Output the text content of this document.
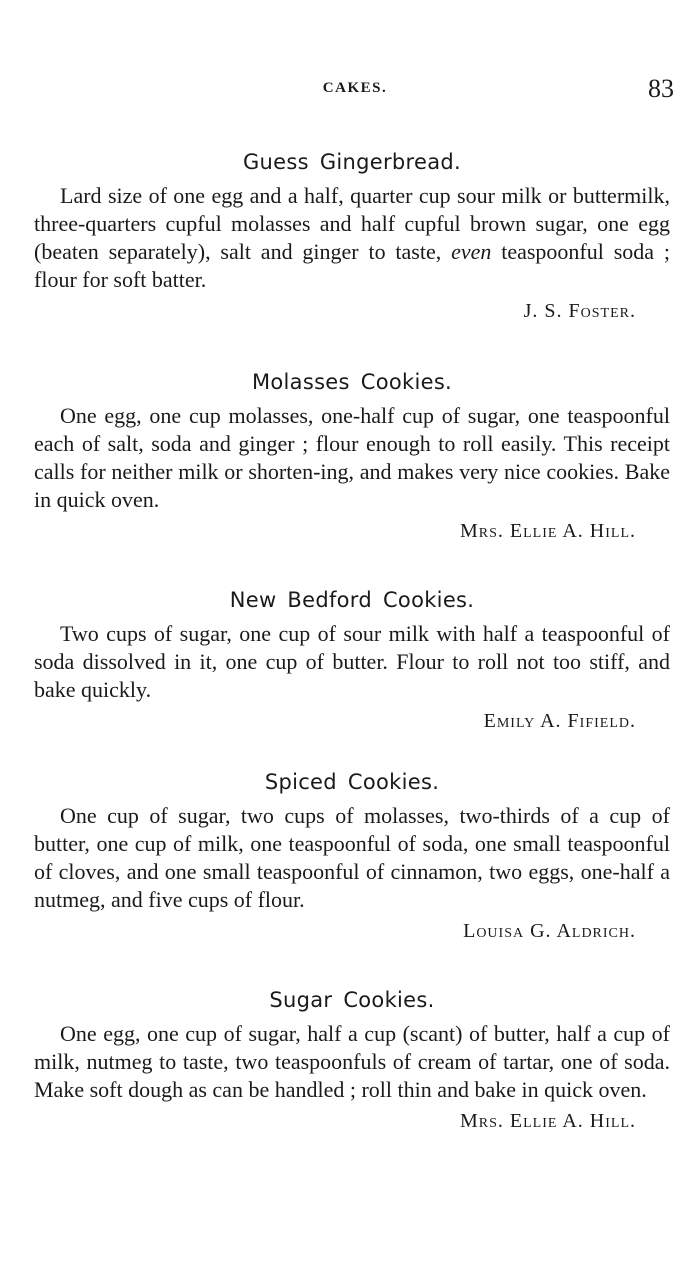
CAKES.	83
Guess Gingerbread.

Lard size of one egg and a half, quarter cup sour milk or buttermilk, three-quarters cupful molasses and half cupful brown sugar, one egg (beaten separately), salt and ginger to taste, even teaspoonful soda ; flour for soft batter.

J. S. Foster.
Molasses Cookies.

One egg, one cup molasses, one-half cup of sugar, one teaspoonful each of salt, soda and ginger ; flour enough to roll easily. This receipt calls for neither milk or shorten-ing, and makes very nice cookies. Bake in quick oven.

Mrs. Ellie A. Hill.
New Bedford Cookies.

Two cups of sugar, one cup of sour milk with half a teaspoonful of soda dissolved in it, one cup of butter. Flour to roll not too stiff, and bake quickly.

Emily A. Fifield.
Spiced Cookies.

One cup of sugar, two cups of molasses, two-thirds of a cup of butter, one cup of milk, one teaspoonful of soda, one small teaspoonful of cloves, and one small teaspoonful of cinnamon, two eggs, one-half a nutmeg, and five cups of flour.

Louisa G. Aldrich.
Sugar Cookies.

One egg, one cup of sugar, half a cup (scant) of butter, half a cup of milk, nutmeg to taste, two teaspoonfuls of cream of tartar, one of soda. Make soft dough as can be handled ; roll thin and bake in quick oven.

Mrs. Ellie A. Hill.
